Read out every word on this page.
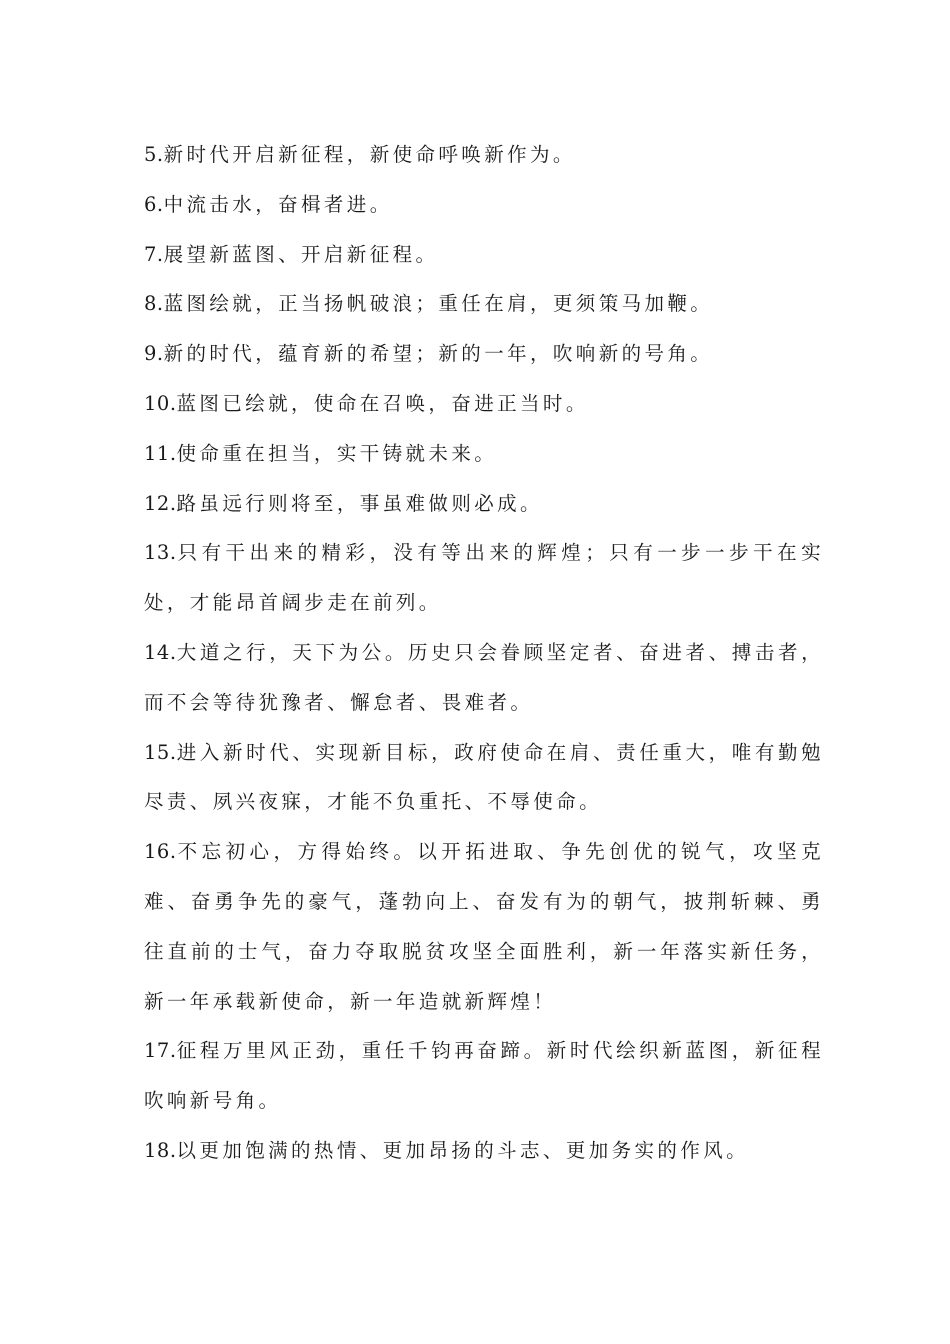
5.新时代开启新征程，新使命呼唤新作为。

6.中流击水，奋楫者进。

7.展望新蓝图、开启新征程。

8.蓝图绘就，正当扬帆破浪；重任在肩，更须策马加鞭。

9.新的时代，蕴育新的希望；新的一年，吹响新的号角。

10.蓝图已绘就，使命在召唤，奋进正当时。

11.使命重在担当，实干铸就未来。

12.路虽远行则将至，事虽难做则必成。

13.只有干出来的精彩，没有等出来的辉煌；只有一步一步干在实处，才能昂首阔步走在前列。

14.大道之行，天下为公。历史只会眷顾坚定者、奋进者、搏击者，而不会等待犹豫者、懈怠者、畏难者。

15.进入新时代、实现新目标，政府使命在肩、责任重大，唯有勤勉尽责、夙兴夜寐，才能不负重托、不辱使命。

16.不忘初心，方得始终。以开拓进取、争先创优的锐气，攻坚克难、奋勇争先的豪气，蓬勃向上、奋发有为的朝气，披荆斩棘、勇往直前的士气，奋力夺取脱贫攻坚全面胜利，新一年落实新任务，新一年承载新使命，新一年造就新辉煌！

17.征程万里风正劲，重任千钧再奋蹄。新时代绘织新蓝图，新征程吹响新号角。

18.以更加饱满的热情、更加昂扬的斗志、更加务实的作风。
